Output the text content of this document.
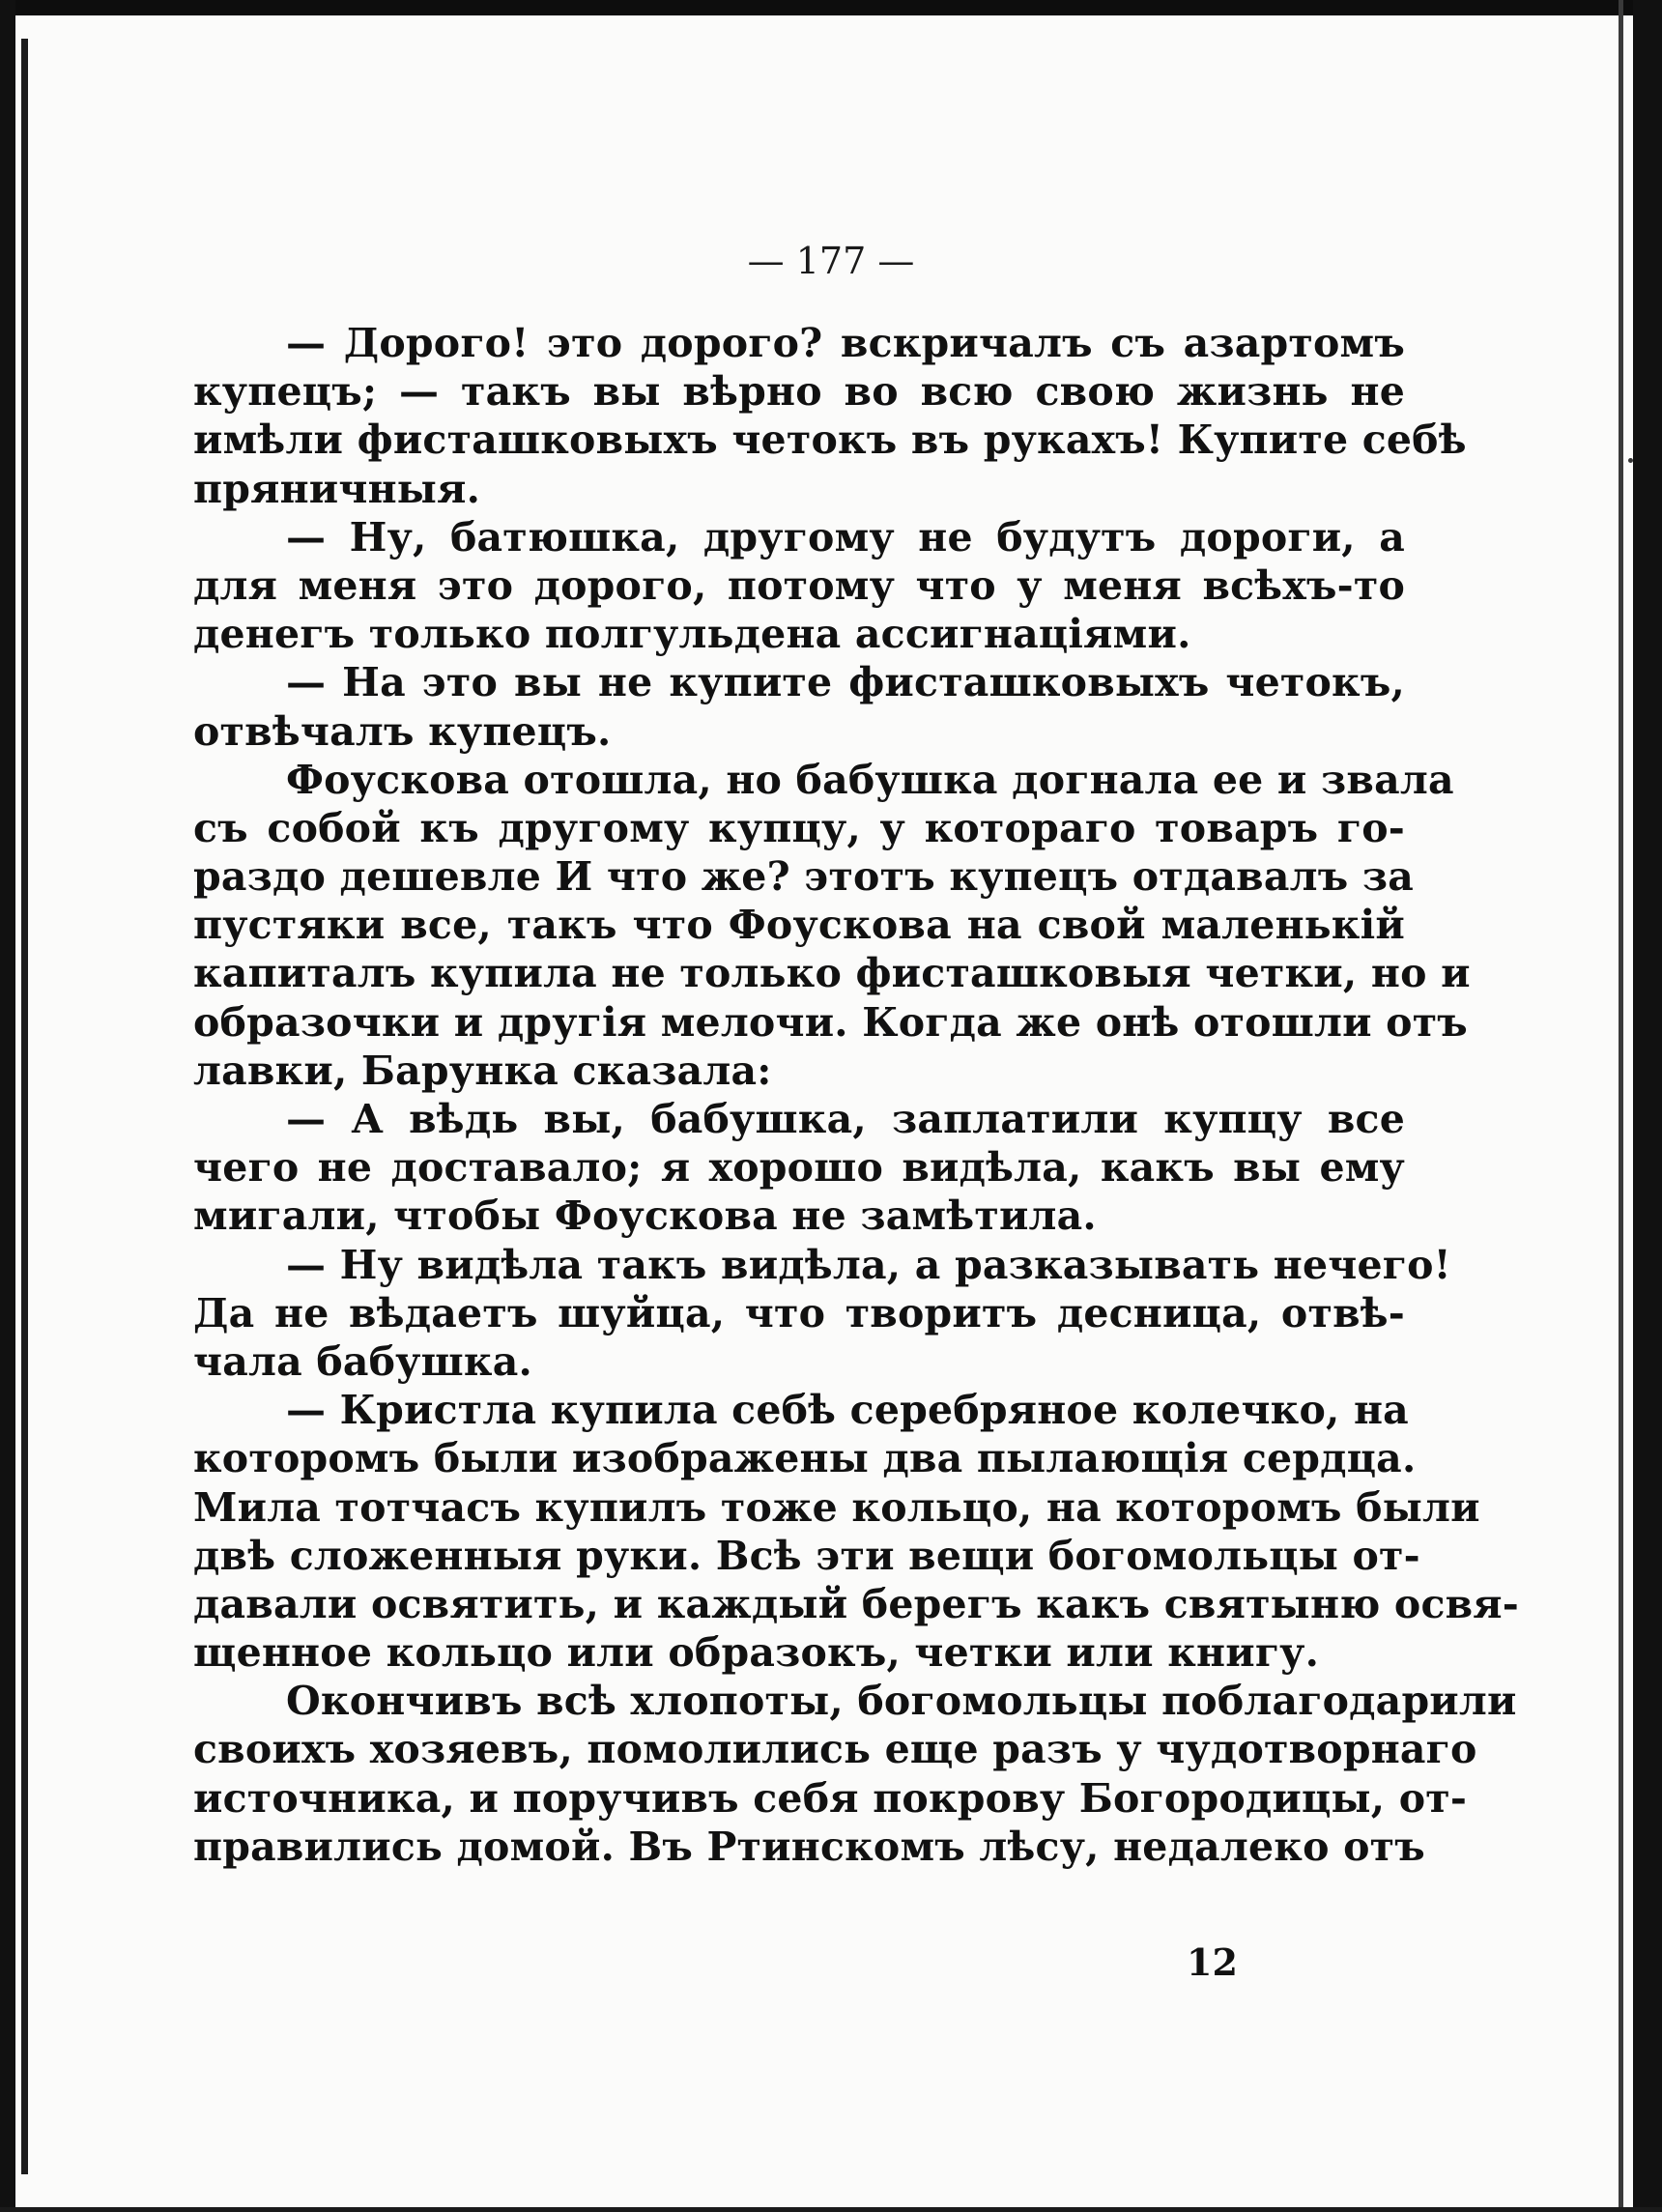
— 177 —
— Дорого! это дорого? вскричалъ съ азартомъ
купецъ; — такъ вы вѣрно во всю свою жизнь не
имѣли фисташковыхъ четокъ въ рукахъ! Купите себѣ
пряничныя.
— Ну, батюшка, другому не будутъ дороги, а
для меня это дорого, потому что у меня всѣхъ-то
денегъ только полгульдена ассигнаціями.
— На это вы не купите фисташковыхъ четокъ,
отвѣчалъ купецъ.
Фоускова отошла, но бабушка догнала ее и звала
съ собой къ другому купцу, у котораго товаръ го-
раздо дешевле И что же? этотъ купецъ отдавалъ за
пустяки все, такъ что Фоускова на свой маленькій
капиталъ купила не только фисташковыя четки, но и
образочки и другія мелочи. Когда же онѣ отошли отъ
лавки, Барунка сказала:
— А вѣдь вы, бабушка, заплатили купцу все
чего не доставало; я хорошо видѣла, какъ вы ему
мигали, чтобы Фоускова не замѣтила.
— Ну видѣла такъ видѣла, а разказывать нечего!
Да не вѣдаетъ шуйца, что творитъ десница, отвѣ-
чала бабушка.
— Кристла купила себѣ серебряное колечко, на
которомъ были изображены два пылающія сердца.
Мила тотчасъ купилъ тоже кольцо, на которомъ были
двѣ сложенныя руки. Всѣ эти вещи богомольцы от-
давали освятить, и каждый берегъ какъ святыню освя-
щенное кольцо или образокъ, четки или книгу.
Окончивъ всѣ хлопоты, богомольцы поблагодарили
своихъ хозяевъ, помолились еще разъ у чудотворнаго
источника, и поручивъ себя покрову Богородицы, от-
правились домой. Въ Ртинскомъ лѣсу, недалеко отъ
12
